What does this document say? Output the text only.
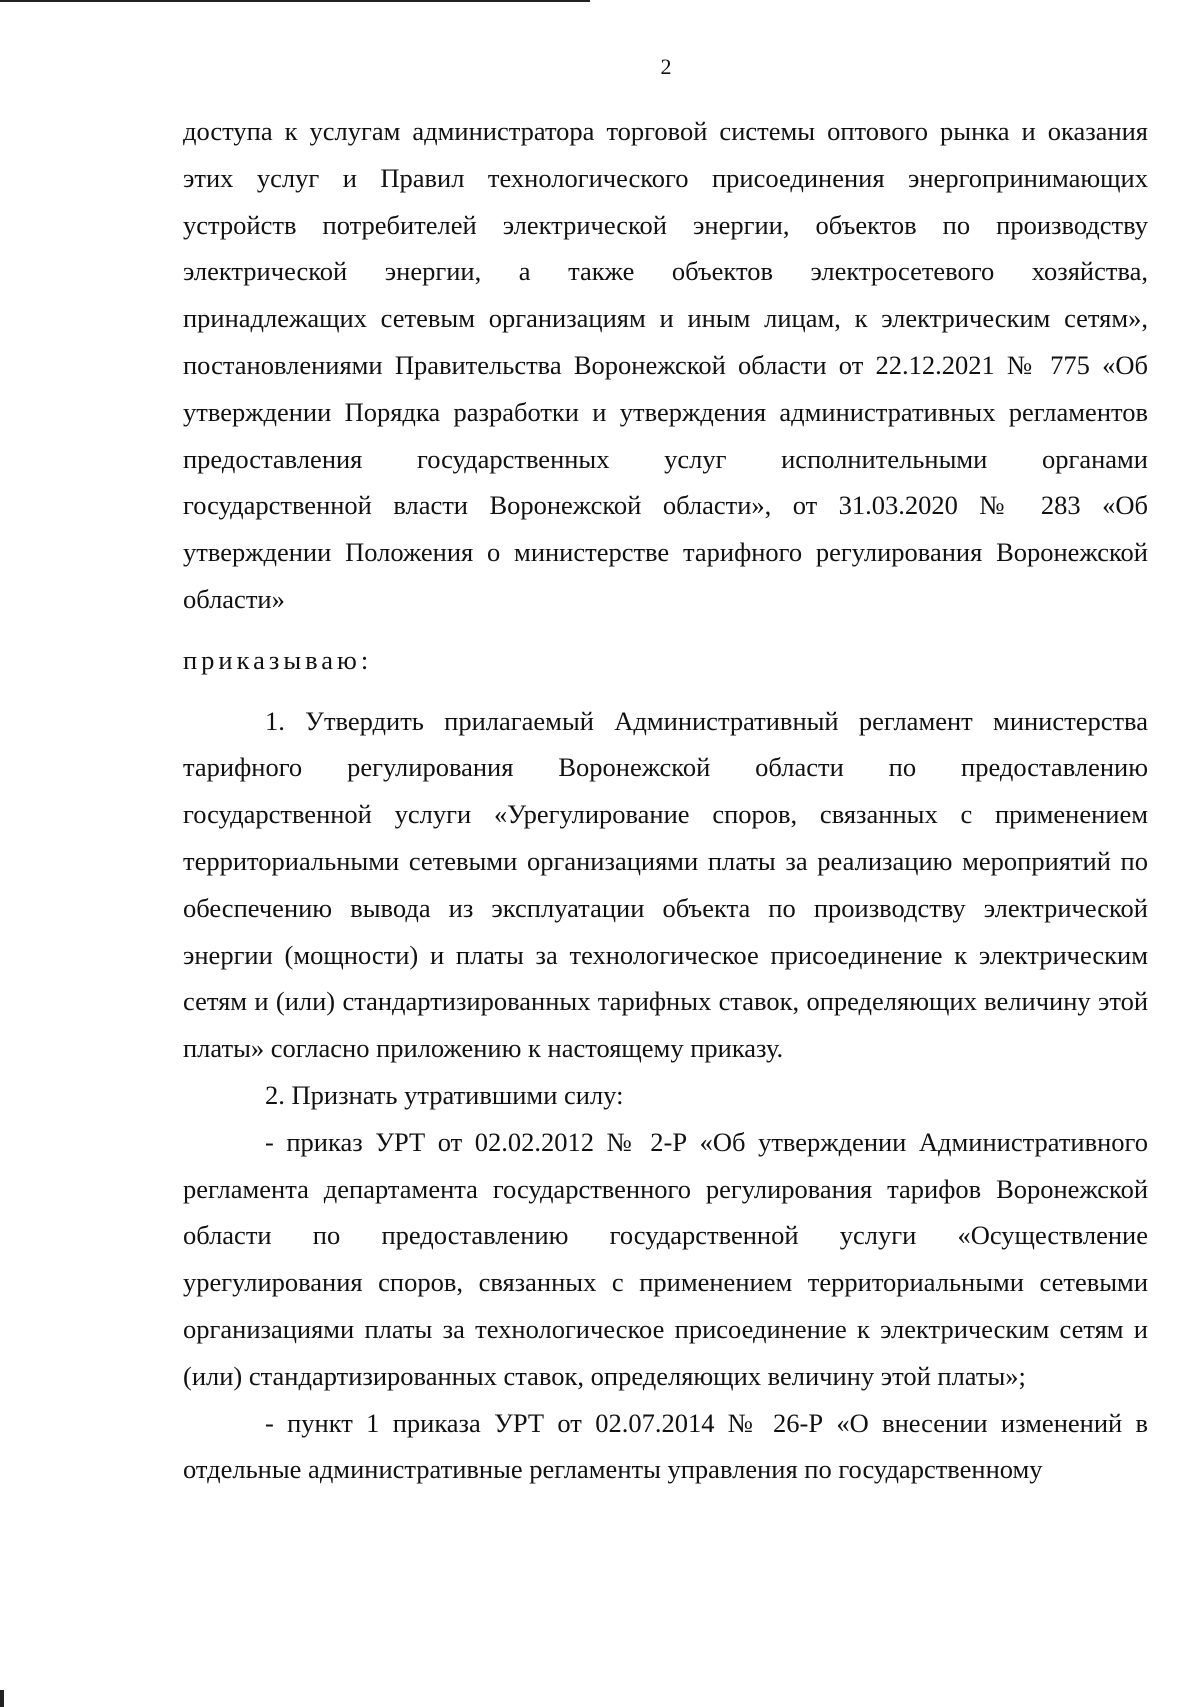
2

доступа к услугам администратора торговой системы оптового рынка и оказания этих услуг и Правил технологического присоединения энергопринимающих устройств потребителей электрической энергии, объектов по производству электрической энергии, а также объектов электросетевого хозяйства, принадлежащих сетевым организациям и иным лицам, к электрическим сетям», постановлениями Правительства Воронежской области от 22.12.2021 № 775 «Об утверждении Порядка разработки и утверждения административных регламентов предоставления государственных услуг исполнительными органами государственной власти Воронежской области», от 31.03.2020 № 283 «Об утверждении Положения о министерстве тарифного регулирования Воронежской области»

приказываю:

1. Утвердить прилагаемый Административный регламент министерства тарифного регулирования Воронежской области по предоставлению государственной услуги «Урегулирование споров, связанных с применением территориальными сетевыми организациями платы за реализацию мероприятий по обеспечению вывода из эксплуатации объекта по производству электрической энергии (мощности) и платы за технологическое присоединение к электрическим сетям и (или) стандартизированных тарифных ставок, определяющих величину этой платы» согласно приложению к настоящему приказу.

2. Признать утратившими силу:

- приказ УРТ от 02.02.2012 № 2-Р «Об утверждении Административного регламента департамента государственного регулирования тарифов Воронежской области по предоставлению государственной услуги «Осуществление урегулирования споров, связанных с применением территориальными сетевыми организациями платы за технологическое присоединение к электрическим сетям и (или) стандартизированных ставок, определяющих величину этой платы»;

- пункт 1 приказа УРТ от 02.07.2014 № 26-Р «О внесении изменений в отдельные административные регламенты управления по государственному
